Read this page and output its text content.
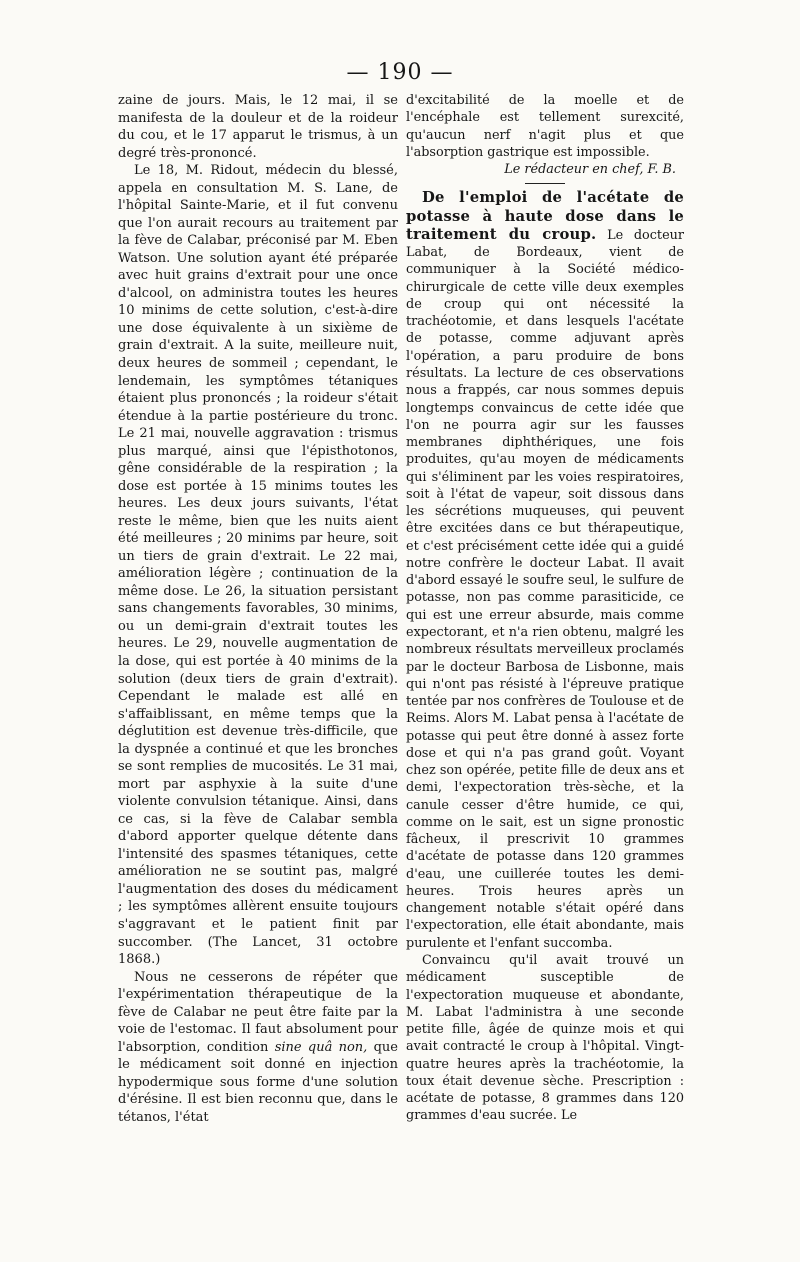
— 190 —

zaine de jours. Mais, le 12 mai, il se manifesta de la douleur et de la roideur du cou, et le 17 apparut le trismus, à un degré très-prononcé.

Le 18, M. Ridout, médecin du blessé, appela en consultation M. S. Lane, de l'hôpital Sainte-Marie, et il fut convenu que l'on aurait recours au traitement par la fève de Calabar, préconisé par M. Eben Watson. Une solution ayant été préparée avec huit grains d'extrait pour une once d'alcool, on administra toutes les heures 10 minims de cette solution, c'est-à-dire une dose équivalente à un sixième de grain d'extrait. A la suite, meilleure nuit, deux heures de sommeil ; cependant, le lendemain, les symptômes tétaniques étaient plus prononcés ; la roideur s'était étendue à la partie postérieure du tronc. Le 21 mai, nouvelle aggravation : trismus plus marqué, ainsi que l'épisthotonos, gêne considérable de la respiration ; la dose est portée à 15 minims toutes les heures. Les deux jours suivants, l'état reste le même, bien que les nuits aient été meilleures ; 20 minims par heure, soit un tiers de grain d'extrait. Le 22 mai, amélioration légère ; continuation de la même dose. Le 26, la situation persistant sans changements favorables, 30 minims, ou un demi-grain d'extrait toutes les heures. Le 29, nouvelle augmentation de la dose, qui est portée à 40 minims de la solution (deux tiers de grain d'extrait). Cependant le malade est allé en s'affaiblissant, en même temps que la déglutition est devenue très-difficile, que la dyspnée a continué et que les bronches se sont remplies de mucosités. Le 31 mai, mort par asphyxie à la suite d'une violente convulsion tétanique. Ainsi, dans ce cas, si la fève de Calabar sembla d'abord apporter quelque détente dans l'intensité des spasmes tétaniques, cette amélioration ne se soutint pas, malgré l'augmentation des doses du médicament ; les symptômes allèrent ensuite toujours s'aggravant et le patient finit par succomber. (The Lancet, 31 octobre 1868.)

Nous ne cesserons de répéter que l'expérimentation thérapeutique de la fève de Calabar ne peut être faite par la voie de l'estomac. Il faut absolument pour l'absorption, condition sine quâ non, que le médicament soit donné en injection hypodermique sous forme d'une solution d'érésine. Il est bien reconnu que, dans le tétanos, l'état

d'excitabilité de la moelle et de l'encéphale est tellement surexcité, qu'aucun nerf n'agit plus et que l'absorption gastrique est impossible.

Le rédacteur en chef, F. B.

De l'emploi de l'acétate de potasse à haute dose dans le traitement du croup. Le docteur Labat, de Bordeaux, vient de communiquer à la Société médico-chirurgicale de cette ville deux exemples de croup qui ont nécessité la trachéotomie, et dans lesquels l'acétate de potasse, comme adjuvant après l'opération, a paru produire de bons résultats. La lecture de ces observations nous a frappés, car nous sommes depuis longtemps convaincus de cette idée que l'on ne pourra agir sur les fausses membranes diphthériques, une fois produites, qu'au moyen de médicaments qui s'éliminent par les voies respiratoires, soit à l'état de vapeur, soit dissous dans les sécrétions muqueuses, qui peuvent être excitées dans ce but thérapeutique, et c'est précisément cette idée qui a guidé notre confrère le docteur Labat. Il avait d'abord essayé le soufre seul, le sulfure de potasse, non pas comme parasiticide, ce qui est une erreur absurde, mais comme expectorant, et n'a rien obtenu, malgré les nombreux résultats merveilleux proclamés par le docteur Barbosa de Lisbonne, mais qui n'ont pas résisté à l'épreuve pratique tentée par nos confrères de Toulouse et de Reims. Alors M. Labat pensa à l'acétate de potasse qui peut être donné à assez forte dose et qui n'a pas grand goût. Voyant chez son opérée, petite fille de deux ans et demi, l'expectoration très-sèche, et la canule cesser d'être humide, ce qui, comme on le sait, est un signe pronostic fâcheux, il prescrivit 10 grammes d'acétate de potasse dans 120 grammes d'eau, une cuillerée toutes les demi-heures. Trois heures après un changement notable s'était opéré dans l'expectoration, elle était abondante, mais purulente et l'enfant succomba.

Convaincu qu'il avait trouvé un médicament susceptible de l'expectoration muqueuse et abondante, M. Labat l'administra à une seconde petite fille, âgée de quinze mois et qui avait contracté le croup à l'hôpital. Vingt-quatre heures après la trachéotomie, la toux était devenue sèche. Prescription : acétate de potasse, 8 grammes dans 120 grammes d'eau sucrée. Le
